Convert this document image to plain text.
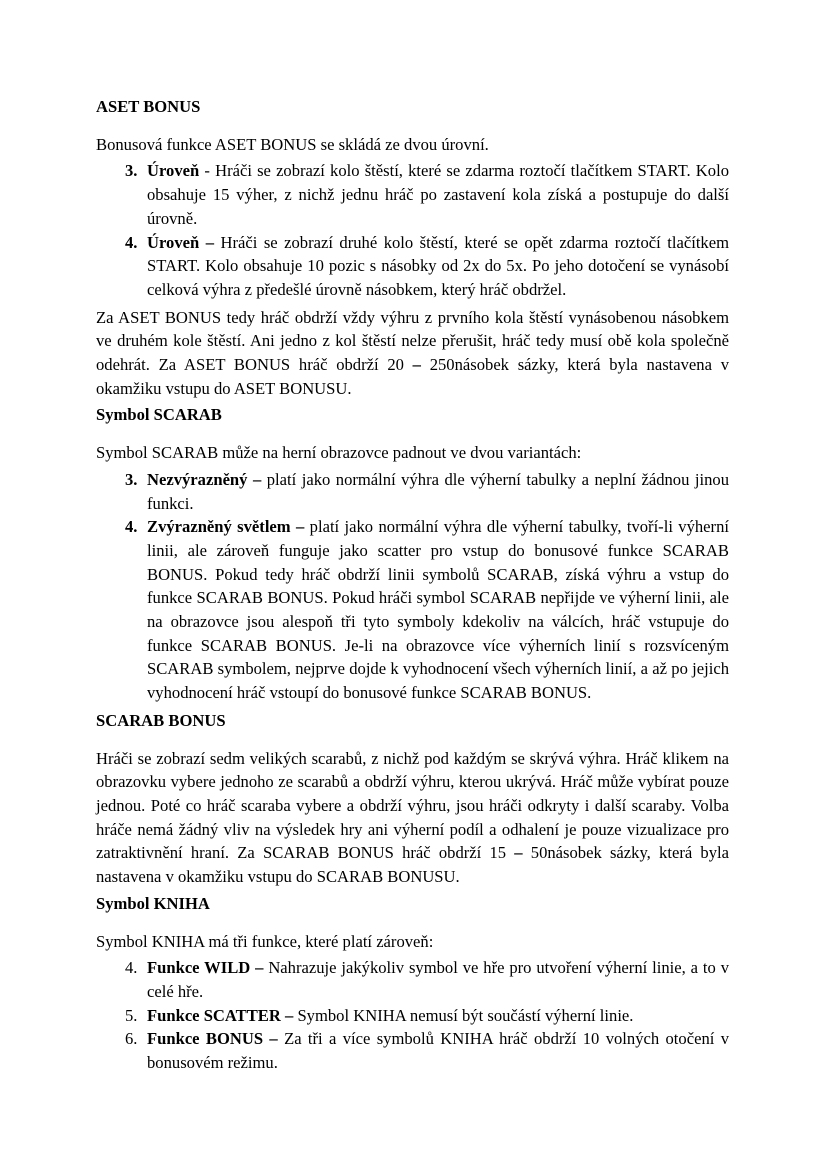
ASET BONUS

Bonusová funkce ASET BONUS se skládá ze dvou úrovní.

3. Úroveň - Hráči se zobrazí kolo štěstí, které se zdarma roztočí tlačítkem START. Kolo obsahuje 15 výher, z nichž jednu hráč po zastavení kola získá a postupuje do další úrovně.
4. Úroveň – Hráči se zobrazí druhé kolo štěstí, které se opět zdarma roztočí tlačítkem START. Kolo obsahuje 10 pozic s násobky od 2x do 5x. Po jeho dotočení se vynásobí celková výhra z předešlé úrovně násobkem, který hráč obdržel.

Za ASET BONUS tedy hráč obdrží vždy výhru z prvního kola štěstí vynásobenou násobkem ve druhém kole štěstí. Ani jedno z kol štěstí nelze přerušit, hráč tedy musí obě kola společně odehrát. Za ASET BONUS hráč obdrží 20 – 250násobek sázky, která byla nastavena v okamžiku vstupu do ASET BONUSU.

Symbol SCARAB

Symbol SCARAB může na herní obrazovce padnout ve dvou variantách:

3. Nezvýrazněný – platí jako normální výhra dle výherní tabulky a neplní žádnou jinou funkci.
4. Zvýrazněný světlem – platí jako normální výhra dle výherní tabulky, tvoří-li výherní linii, ale zároveň funguje jako scatter pro vstup do bonusové funkce SCARAB BONUS. Pokud tedy hráč obdrží linii symbolů SCARAB, získá výhru a vstup do funkce SCARAB BONUS. Pokud hráči symbol SCARAB nepřijde ve výherní linii, ale na obrazovce jsou alespoň tři tyto symboly kdekoliv na válcích, hráč vstupuje do funkce SCARAB BONUS. Je-li na obrazovce více výherních linií s rozsvíceným SCARAB symbolem, nejprve dojde k vyhodnocení všech výherních linií, a až po jejich vyhodnocení hráč vstoupí do bonusové funkce SCARAB BONUS.
SCARAB BONUS

Hráči se zobrazí sedm velikých scarabů, z nichž pod každým se skrývá výhra. Hráč klikem na obrazovku vybere jednoho ze scarabů a obdrží výhru, kterou ukrývá. Hráč může vybírat pouze jednou. Poté co hráč scaraba vybere a obdrží výhru, jsou hráči odkryty i další scaraby. Volba hráče nemá žádný vliv na výsledek hry ani výherní podíl a odhalení je pouze vizualizace pro zatraktivnění hraní. Za SCARAB BONUS hráč obdrží 15 – 50násobek sázky, která byla nastavena v okamžiku vstupu do SCARAB BONUSU.

Symbol KNIHA

Symbol KNIHA má tři funkce, které platí zároveň:

4. Funkce WILD – Nahrazuje jakýkoliv symbol ve hře pro utvoření výherní linie, a to v celé hře.
5. Funkce SCATTER – Symbol KNIHA nemusí být součástí výherní linie.
6. Funkce BONUS – Za tři a více symbolů KNIHA hráč obdrží 10 volných otočení v bonusovém režimu.
